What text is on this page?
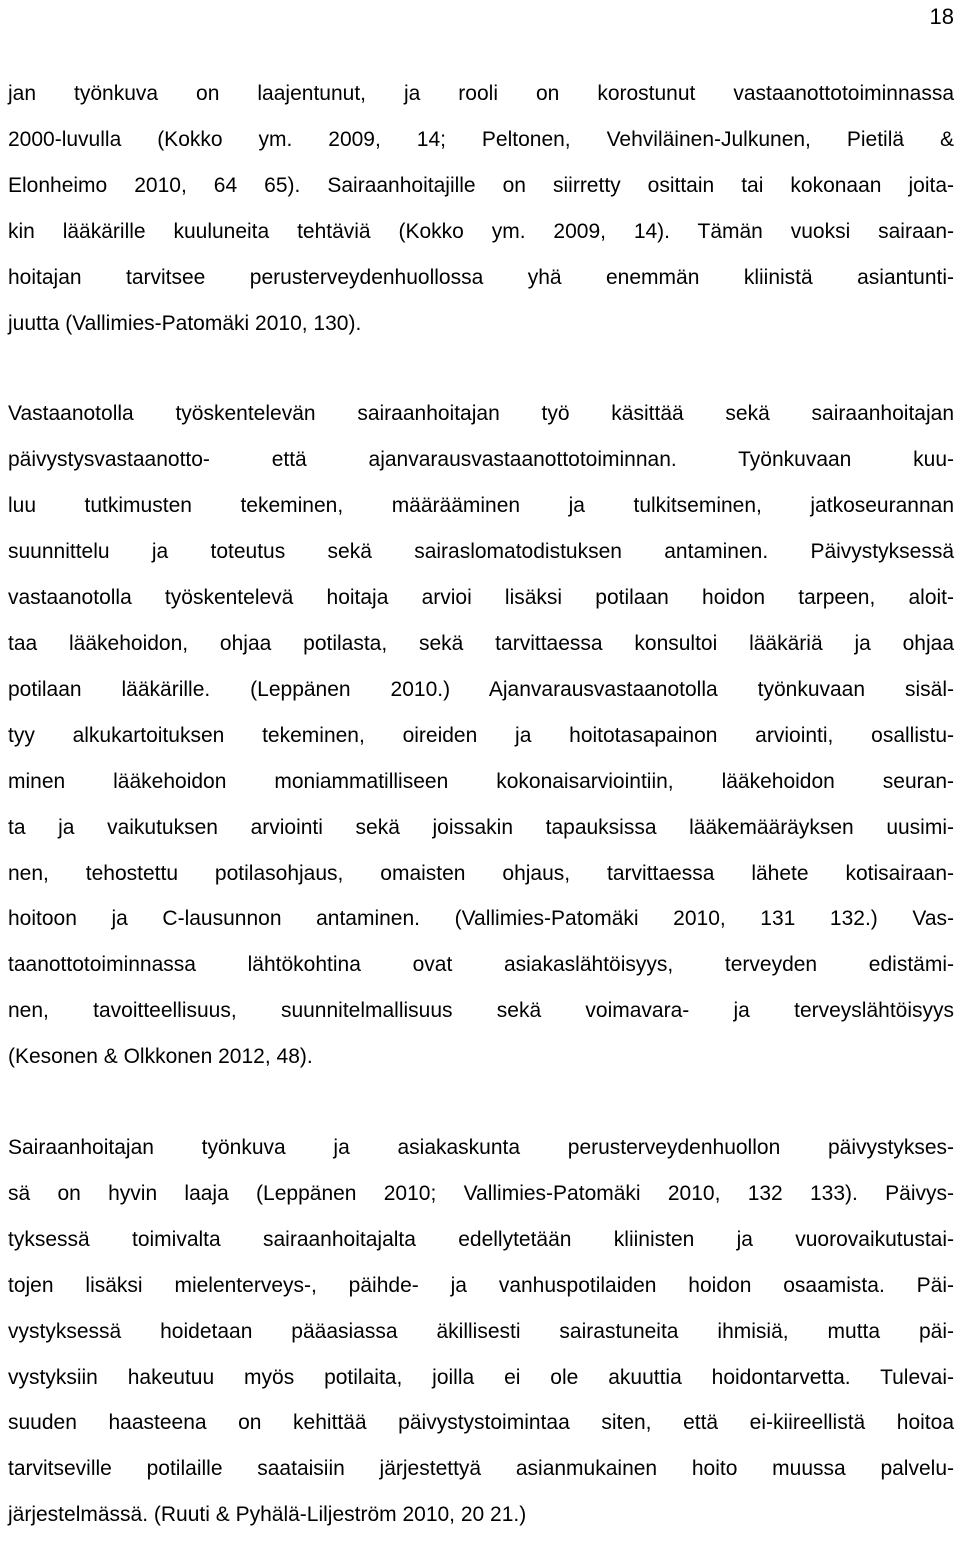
18

jan työnkuva on laajentunut, ja rooli on korostunut vastaanottotoiminnassa
2000-luvulla (Kokko ym. 2009, 14; Peltonen, Vehviläinen-Julkunen, Pietilä &
Elonheimo 2010, 64 65). Sairaanhoitajille on siirretty osittain tai kokonaan joita-
kin lääkärille kuuluneita tehtäviä (Kokko ym. 2009, 14). Tämän vuoksi sairaan-
hoitajan tarvitsee perusterveydenhuollossa yhä enemmän kliinistä asiantunti-
juutta (Vallimies-Patomäki 2010, 130).

Vastaanotolla työskentelevän sairaanhoitajan työ käsittää sekä sairaanhoitajan
päivystysvastaanotto- että ajanvarausvastaanottotoiminnan. Työnkuvaan kuu-
luu tutkimusten tekeminen, määrääminen ja tulkitseminen, jatkoseurannan
suunnittelu ja toteutus sekä sairaslomatodistuksen antaminen. Päivystyksessä
vastaanotolla työskentelevä hoitaja arvioi lisäksi potilaan hoidon tarpeen, aloit-
taa lääkehoidon, ohjaa potilasta, sekä tarvittaessa konsultoi lääkäriä ja ohjaa
potilaan lääkärille. (Leppänen 2010.) Ajanvarausvastaanotolla työnkuvaan sisäl-
tyy alkukartoituksen tekeminen, oireiden ja hoitotasapainon arviointi, osallistu-
minen lääkehoidon moniammatilliseen kokonaisarviointiin, lääkehoidon seuran-
ta ja vaikutuksen arviointi sekä joissakin tapauksissa lääkemääräyksen uusimi-
nen, tehostettu potilasohjaus, omaisten ohjaus, tarvittaessa lähete kotisairaan-
hoitoon ja C-lausunnon antaminen. (Vallimies-Patomäki 2010, 131 132.) Vas-
taanottotoiminnassa lähtökohtina ovat asiakaslähtöisyys, terveyden edistämi-
nen, tavoitteellisuus, suunnitelmallisuus sekä voimavara- ja terveyslähtöisyys
(Kesonen & Olkkonen 2012, 48).

Sairaanhoitajan työnkuva ja asiakaskunta perusterveydenhuollon päivystykses-
sä on hyvin laaja (Leppänen 2010; Vallimies-Patomäki 2010, 132 133). Päivys-
tyksessä toimivalta sairaanhoitajalta edellytetään kliinisten ja vuorovaikutustai-
tojen lisäksi mielenterveys-, päihde- ja vanhuspotilaiden hoidon osaamista. Päi-
vystyksessä hoidetaan pääasiassa äkillisesti sairastuneita ihmisiä, mutta päi-
vystyksiin hakeutuu myös potilaita, joilla ei ole akuuttia hoidontarvetta. Tulevai-
suuden haasteena on kehittää päivystystoimintaa siten, että ei-kiireellistä hoitoa
tarvitseville potilaille saataisiin järjestettyä asianmukainen hoito muussa palvelu-
järjestelmässä. (Ruuti & Pyhälä-Liljeström 2010, 20 21.)
